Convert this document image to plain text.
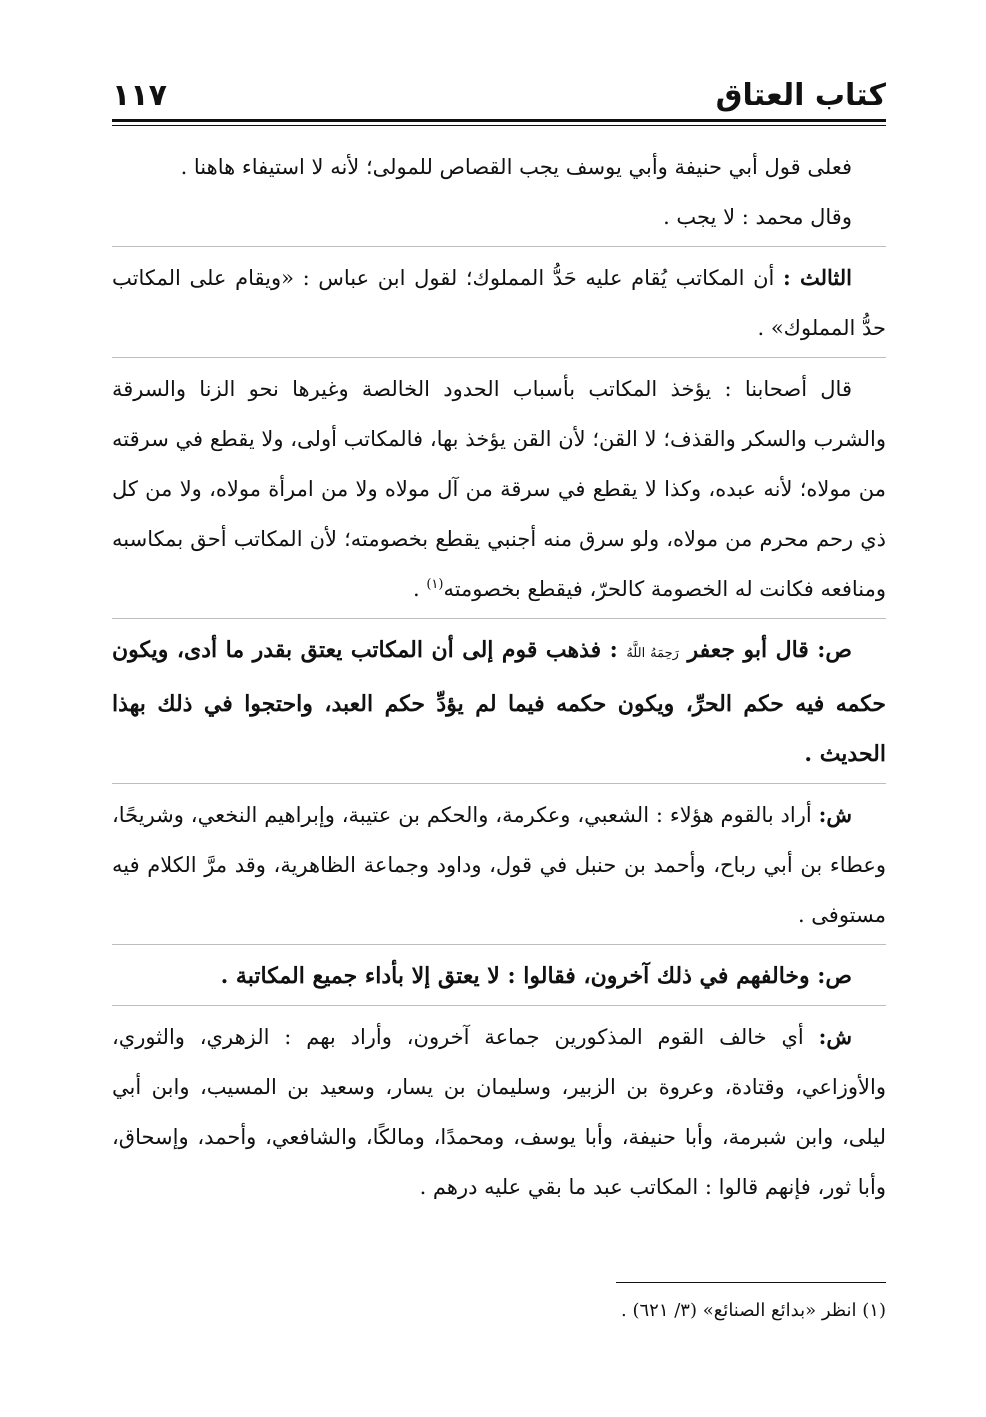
كتاب العتاق
١١٧

فعلى قول أبي حنيفة وأبي يوسف يجب القصاص للمولى؛ لأنه لا استيفاء هاهنا .

وقال محمد : لا يجب .

الثالث : أن المكاتب يُقام عليه حَدُّ المملوك؛ لقول ابن عباس : «ويقام على المكاتب حدُّ المملوك» .

قال أصحابنا : يؤخذ المكاتب بأسباب الحدود الخالصة وغيرها نحو الزنا والسرقة والشرب والسكر والقذف؛ لا القن؛ لأن القن يؤخذ بها، فالمكاتب أولى، ولا يقطع في سرقته من مولاه؛ لأنه عبده، وكذا لا يقطع في سرقة من آل مولاه ولا من امرأة مولاه، ولا من كل ذي رحم محرم من مولاه، ولو سرق منه أجنبي يقطع بخصومته؛ لأن المكاتب أحق بمكاسبه ومنافعه فكانت له الخصومة كالحرّ، فيقطع بخصومته$^{(١)}$ .

ص: قال أبو جعفر رَحِمَهُ اللَّهُ : فذهب قوم إلى أن المكاتب يعتق بقدر ما أدى، ويكون حكمه فيه حكم الحرِّ، ويكون حكمه فيما لم يؤدِّ حكم العبد، واحتجوا في ذلك بهذا الحديث .

ش: أراد بالقوم هؤلاء : الشعبي، وعكرمة، والحكم بن عتيبة، وإبراهيم النخعي، وشريحًا، وعطاء بن أبي رباح، وأحمد بن حنبل في قول، وداود وجماعة الظاهرية، وقد مرَّ الكلام فيه مستوفى .

ص: وخالفهم في ذلك آخرون، فقالوا : لا يعتق إلا بأداء جميع المكاتبة .

ش: أي خالف القوم المذكورين جماعة آخرون، وأراد بهم : الزهري، والثوري، والأوزاعي، وقتادة، وعروة بن الزبير، وسليمان بن يسار، وسعيد بن المسيب، وابن أبي ليلى، وابن شبرمة، وأبا حنيفة، وأبا يوسف، ومحمدًا، ومالكًا، والشافعي، وأحمد، وإسحاق، وأبا ثور، فإنهم قالوا : المكاتب عبد ما بقي عليه درهم .

(١) انظر «بدائع الصنائع» (٣/ ٦٢١) .
